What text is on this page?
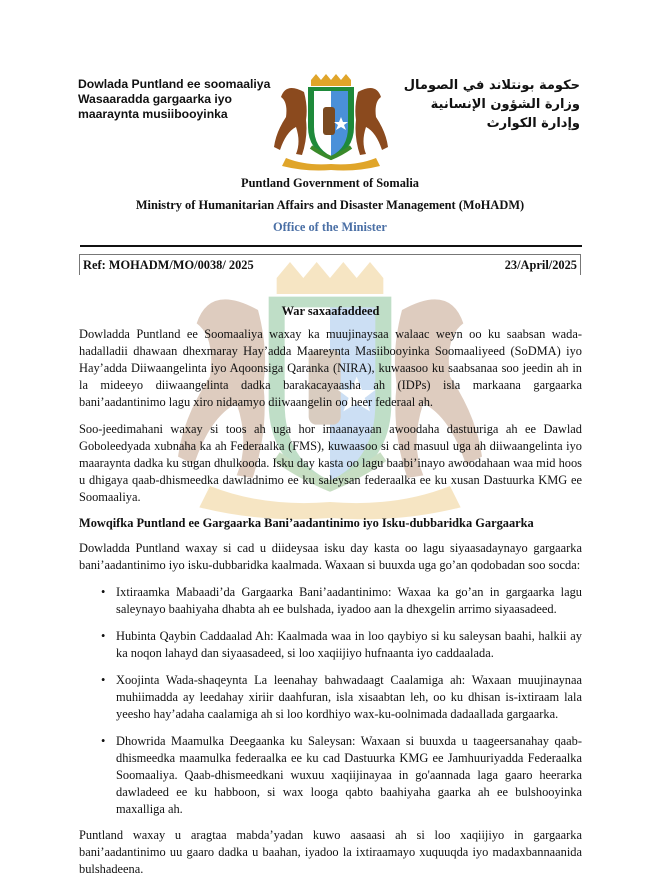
Dowlada Puntland ee soomaaliya
Wasaaradda gargaarka iyo
maaraynta musiibooyinka
حكومة بونتلاند في الصومال
وزارة الشؤون الإنسانية
وإدارة الكوارث
Puntland Government of Somalia
Ministry of Humanitarian Affairs and Disaster Management (MoHADM)
Office of the Minister
Ref: MOHADM/MO/0038/ 2025	23/April/2025

War saxaafaddeed

Dowladda Puntland ee Soomaaliya waxay ka muujinaysaa walaac weyn oo ku saabsan wada-hadalladii dhawaan dhexmaray Hay’adda Maareynta Masiibooyinka Soomaaliyeed (SoDMA) iyo Hay’adda Diiwaangelinta iyo Aqoonsiga Qaranka (NIRA), kuwaasoo ku saabsanaa soo jeedin ah in la mideeyo diiwaangelinta dadka barakacayaasha ah (IDPs) isla markaana gargaarka bani’aadantinimo lagu xiro nidaamyo diiwaangelin oo heer federaal ah.

Soo-jeedimahani waxay si toos ah uga hor imaanayaan awoodaha dastuuriga ah ee Dawlad Goboleedyada xubnaha ka ah Federaalka (FMS), kuwaasoo si cad masuul uga ah diiwaangelinta iyo maaraynta dadka ku sugan dhulkooda. Isku day kasta oo lagu baabi’inayo awoodahaan waa mid hoos u dhigaya qaab-dhismeedka dawladnimo ee ku saleysan federaalka ee ku xusan Dastuurka KMG ee Soomaaliya.

Mowqifka Puntland ee Gargaarka Bani’aadantinimo iyo Isku-dubbaridka Gargaarka

Dowladda Puntland waxay si cad u diideysaa isku day kasta oo lagu siyaasadaynayo gargaarka bani’aadantinimo iyo isku-dubbaridka kaalmada. Waxaan si buuxda uga go’an qodobadan soo socda:

• Ixtiraamka Mabaadi’da Gargaarka Bani’aadantinimo: Waxaa ka go’an in gargaarka lagu saleynayo baahiyaha dhabta ah ee bulshada, iyadoo aan la dhexgelin arrimo siyaasadeed.

• Hubinta Qaybin Caddaalad Ah: Kaalmada waa in loo qaybiyo si ku saleysan baahi, halkii ay ka noqon lahayd dan siyaasadeed, si loo xaqiijiyo hufnaanta iyo caddaalada.

• Xoojinta Wada-shaqeynta La leenahay bahwadaagt Caalamiga ah: Waxaan muujinaynaa muhiimadda ay leedahay xiriir daahfuran, isla xisaabtan leh, oo ku dhisan is-ixtiraam lala yeesho hay’adaha caalamiga ah si loo kordhiyo wax-ku-oolnimada dadaallada gargaarka.

• Dhowrida Maamulka Deegaanka ku Saleysan: Waxaan si buuxda u taageersanahay qaab-dhismeedka maamulka federaalka ee ku cad Dastuurka KMG ee Jamhuuriyadda Federaalka Soomaaliya. Qaab-dhismeedkani wuxuu xaqiijinayaa in go'aannada laga gaaro heerarka dawladeed ee ku habboon, si wax looga qabto baahiyaha gaarka ah ee bulshooyinka maxalliga ah.

Puntland waxay u aragtaa mabda’yadan kuwo aasaasi ah si loo xaqiijiyo in gargaarka bani’aadantinimo uu gaaro dadka u baahan, iyadoo la ixtiraamayo xuquuqda iyo madaxbannaanida bulshadeena.
